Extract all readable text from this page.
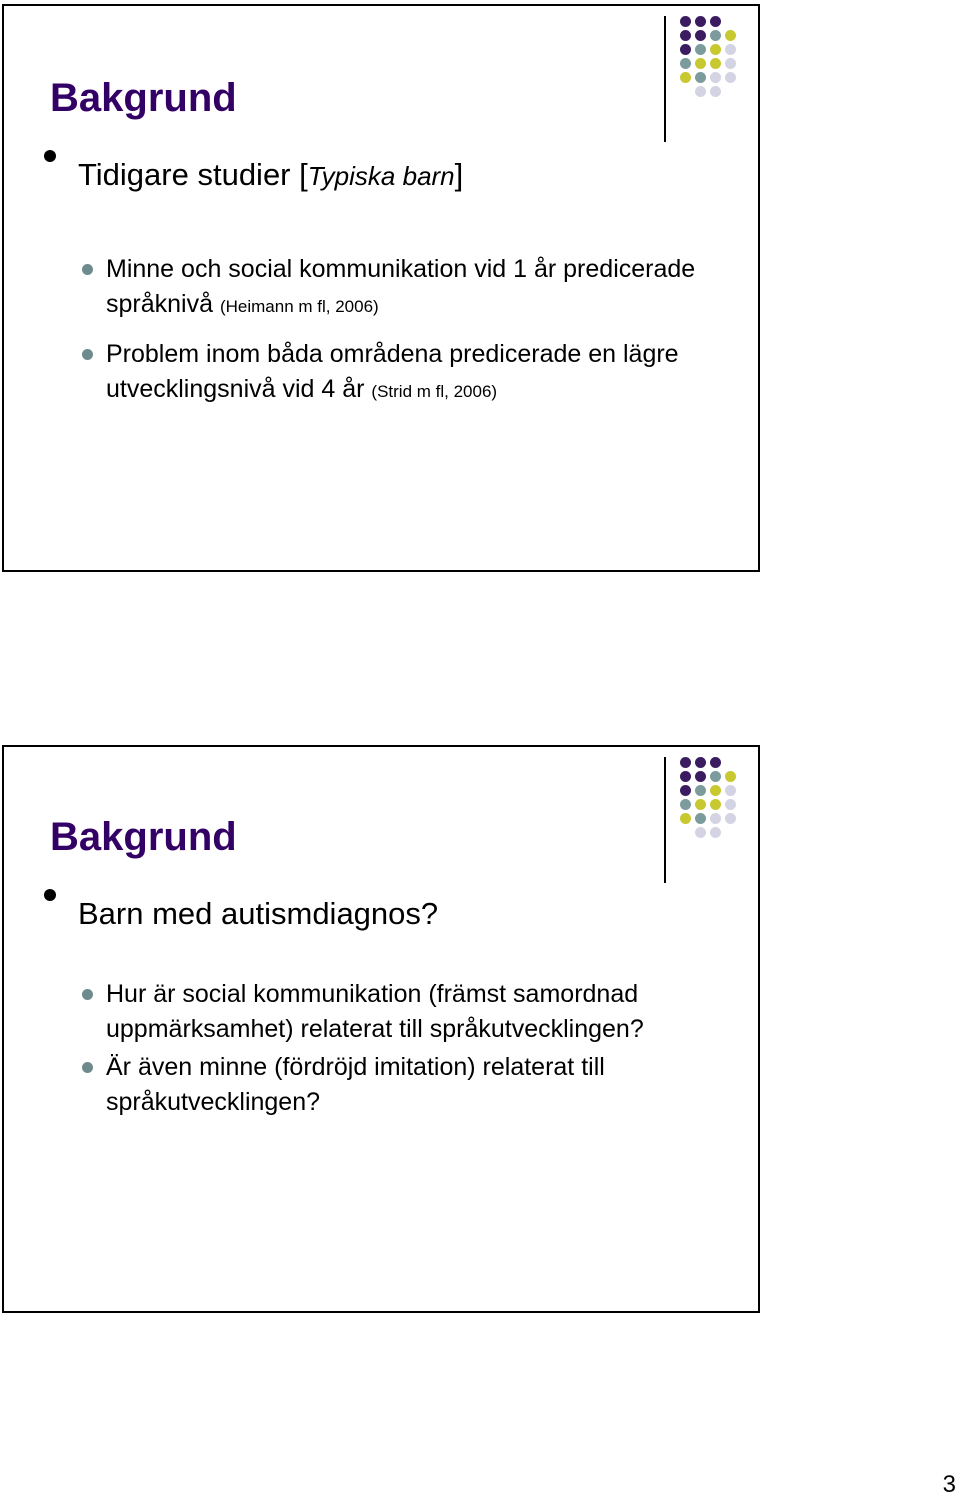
Bakgrund
Tidigare studier [Typiska barn]
Minne och social kommunikation vid 1 år predicerade språknivå (Heimann m fl, 2006)
Problem inom båda områdena predicerade en lägre utvecklingsnivå vid 4 år (Strid m fl, 2006)
Bakgrund
Barn med autismdiagnos?
Hur är social kommunikation (främst samordnad uppmärksamhet) relaterat till språkutvecklingen?
Är även minne (fördröjd imitation) relaterat till språkutvecklingen?
3
